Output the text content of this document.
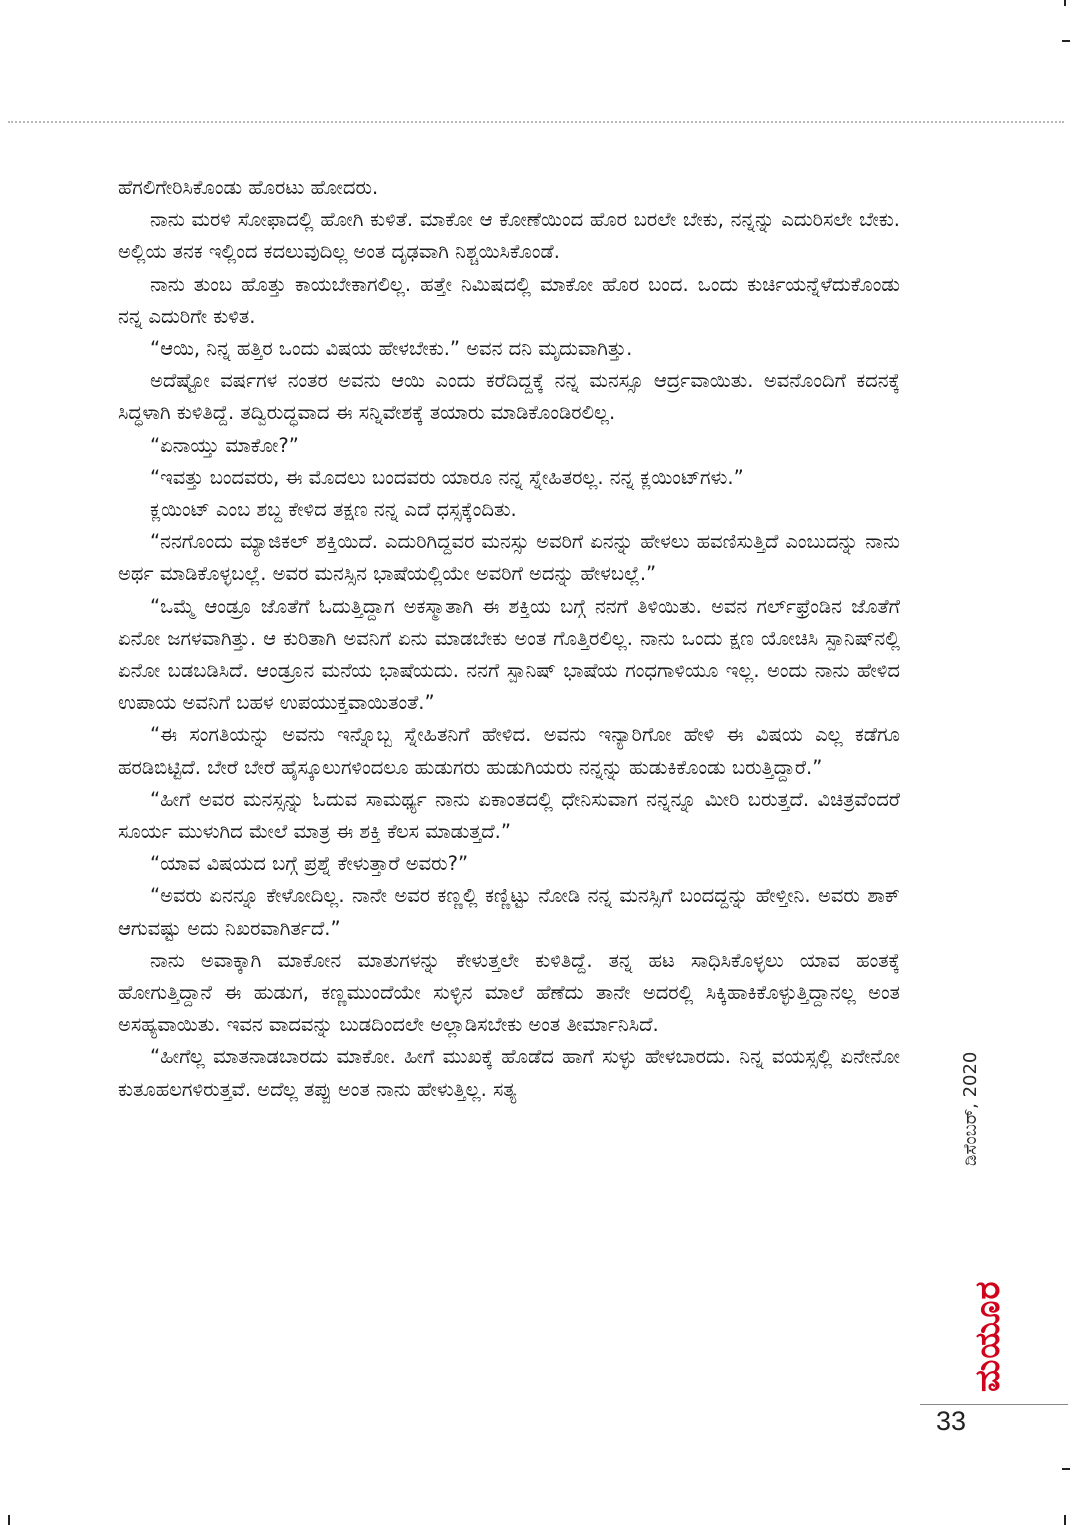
ಹೆಗಲಿಗೇರಿಸಿಕೊಂಡು ಹೊರಟು ಹೋದರು.

ನಾನು ಮರಳಿ ಸೋಫಾದಲ್ಲಿ ಹೋಗಿ ಕುಳಿತೆ. ಮಾಕೋ ಆ ಕೋಣೆಯಿಂದ ಹೊರ ಬರಲೇ ಬೇಕು, ನನ್ನನ್ನು ಎದುರಿಸಲೇ ಬೇಕು. ಅಲ್ಲಿಯ ತನಕ ಇಲ್ಲಿಂದ ಕದಲುವುದಿಲ್ಲ ಅಂತ ದೃಢವಾಗಿ ನಿಶ್ಚಯಿಸಿಕೊಂಡೆ.

ನಾನು ತುಂಬ ಹೊತ್ತು ಕಾಯಬೇಕಾಗಲಿಲ್ಲ. ಹತ್ತೇ ನಿಮಿಷದಲ್ಲಿ ಮಾಕೋ ಹೊರ ಬಂದ. ಒಂದು ಕುರ್ಚಿಯನ್ನೆಳೆದುಕೊಂಡು ನನ್ನ ಎದುರಿಗೇ ಕುಳಿತ.

“ಆಯಿ, ನಿನ್ನ ಹತ್ತಿರ ಒಂದು ವಿಷಯ ಹೇಳಬೇಕು.” ಅವನ ದನಿ ಮೃದುವಾಗಿತ್ತು.

ಅದೆಷ್ಟೋ ವರ್ಷಗಳ ನಂತರ ಅವನು ಆಯಿ ಎಂದು ಕರೆದಿದ್ದಕ್ಕೆ ನನ್ನ ಮನಸ್ಸೂ ಆರ್ದ್ರವಾಯಿತು. ಅವನೊಂದಿಗೆ ಕದನಕ್ಕೆ ಸಿದ್ಧಳಾಗಿ ಕುಳಿತಿದ್ದೆ. ತದ್ವಿರುದ್ಧವಾದ ಈ ಸನ್ನಿವೇಶಕ್ಕೆ ತಯಾರು ಮಾಡಿಕೊಂಡಿರಲಿಲ್ಲ.

“ಏನಾಯ್ತು ಮಾಕೋ?”

“ಇವತ್ತು ಬಂದವರು, ಈ ಮೊದಲು ಬಂದವರು ಯಾರೂ ನನ್ನ ಸ್ನೇಹಿತರಲ್ಲ. ನನ್ನ ಕ್ಲಯಿಂಟ್‌ಗಳು.”

ಕ್ಲಯಿಂಟ್ ಎಂಬ ಶಬ್ದ ಕೇಳಿದ ತಕ್ಷಣ ನನ್ನ ಎದೆ ಧಸ್ಸಕ್ಕೆಂದಿತು.

“ನನಗೊಂದು ಮ್ಯಾಜಿಕಲ್ ಶಕ್ತಿಯಿದೆ. ಎದುರಿಗಿದ್ದವರ ಮನಸ್ಸು ಅವರಿಗೆ ಏನನ್ನು ಹೇಳಲು ಹವಣಿಸುತ್ತಿದೆ ಎಂಬುದನ್ನು ನಾನು ಅರ್ಥ ಮಾಡಿಕೊಳ್ಳಬಲ್ಲೆ. ಅವರ ಮನಸ್ಸಿನ ಭಾಷೆಯಲ್ಲಿಯೇ ಅವರಿಗೆ ಅದನ್ನು ಹೇಳಬಲ್ಲೆ.”

“ಒಮ್ಮೆ ಆಂಡ್ರೂ ಜೊತೆಗೆ ಓದುತ್ತಿದ್ದಾಗ ಅಕಸ್ಮಾತಾಗಿ ಈ ಶಕ್ತಿಯ ಬಗ್ಗೆ ನನಗೆ ತಿಳಿಯಿತು. ಅವನ ಗರ್ಲ್‌ಫ್ರೆಂಡಿನ ಜೊತೆಗೆ ಏನೋ ಜಗಳವಾಗಿತ್ತು. ಆ ಕುರಿತಾಗಿ ಅವನಿಗೆ ಏನು ಮಾಡಬೇಕು ಅಂತ ಗೊತ್ತಿರಲಿಲ್ಲ. ನಾನು ಒಂದು ಕ್ಷಣ ಯೋಚಿಸಿ ಸ್ಪಾನಿಷ್‌ನಲ್ಲಿ ಏನೋ ಬಡಬಡಿಸಿದೆ. ಆಂಡ್ರೂನ ಮನೆಯ ಭಾಷೆಯದು. ನನಗೆ ಸ್ಪಾನಿಷ್ ಭಾಷೆಯ ಗಂಧಗಾಳಿಯೂ ಇಲ್ಲ. ಅಂದು ನಾನು ಹೇಳಿದ ಉಪಾಯ ಅವನಿಗೆ ಬಹಳ ಉಪಯುಕ್ತವಾಯಿತಂತೆ.”

“ಈ ಸಂಗತಿಯನ್ನು ಅವನು ಇನ್ನೊಬ್ಬ ಸ್ನೇಹಿತನಿಗೆ ಹೇಳಿದ. ಅವನು ಇನ್ಯಾರಿಗೋ ಹೇಳಿ ಈ ವಿಷಯ ಎಲ್ಲ ಕಡೆಗೂ ಹರಡಿಬಿಟ್ಟಿದೆ. ಬೇರೆ ಬೇರೆ ಹೈಸ್ಕೂಲುಗಳಿಂದಲೂ ಹುಡುಗರು ಹುಡುಗಿಯರು ನನ್ನನ್ನು ಹುಡುಕಿಕೊಂಡು ಬರುತ್ತಿದ್ದಾರೆ.”

“ಹೀಗೆ ಅವರ ಮನಸ್ಸನ್ನು ಓದುವ ಸಾಮರ್ಥ್ಯ ನಾನು ಏಕಾಂತದಲ್ಲಿ ಧೇನಿಸುವಾಗ ನನ್ನನ್ನೂ ಮೀರಿ ಬರುತ್ತದೆ. ವಿಚಿತ್ರವೆಂದರೆ ಸೂರ್ಯ ಮುಳುಗಿದ ಮೇಲೆ ಮಾತ್ರ ಈ ಶಕ್ತಿ ಕೆಲಸ ಮಾಡುತ್ತದೆ.”

“ಯಾವ ವಿಷಯದ ಬಗ್ಗೆ ಪ್ರಶ್ನೆ ಕೇಳುತ್ತಾರೆ ಅವರು?”

“ಅವರು ಏನನ್ನೂ ಕೇಳೋದಿಲ್ಲ. ನಾನೇ ಅವರ ಕಣ್ಣಲ್ಲಿ ಕಣ್ಣಿಟ್ಟು ನೋಡಿ ನನ್ನ ಮನಸ್ಸಿಗೆ ಬಂದದ್ದನ್ನು ಹೇಳ್ತೀನಿ. ಅವರು ಶಾಕ್ ಆಗುವಷ್ಟು ಅದು ನಿಖರವಾಗಿರ್ತದೆ.”

ನಾನು ಅವಾಕ್ಕಾಗಿ ಮಾಕೋನ ಮಾತುಗಳನ್ನು ಕೇಳುತ್ತಲೇ ಕುಳಿತಿದ್ದೆ. ತನ್ನ ಹಟ ಸಾಧಿಸಿಕೊಳ್ಳಲು ಯಾವ ಹಂತಕ್ಕೆ ಹೋಗುತ್ತಿದ್ದಾನೆ ಈ ಹುಡುಗ, ಕಣ್ಣಮುಂದೆಯೇ ಸುಳ್ಳಿನ ಮಾಲೆ ಹೆಣೆದು ತಾನೇ ಅದರಲ್ಲಿ ಸಿಕ್ಕಿಹಾಕಿಕೊಳ್ಳುತ್ತಿದ್ದಾನಲ್ಲ ಅಂತ ಅಸಹ್ಯವಾಯಿತು. ಇವನ ವಾದವನ್ನು ಬುಡದಿಂದಲೇ ಅಲ್ಲಾಡಿಸಬೇಕು ಅಂತ ತೀರ್ಮಾನಿಸಿದೆ.

“ಹೀಗೆಲ್ಲ ಮಾತನಾಡಬಾರದು ಮಾಕೋ. ಹೀಗೆ ಮುಖಕ್ಕೆ ಹೊಡೆದ ಹಾಗೆ ಸುಳ್ಳು ಹೇಳಬಾರದು. ನಿನ್ನ ವಯಸ್ಸಲ್ಲಿ ಏನೇನೋ ಕುತೂಹಲಗಳಿರುತ್ತವೆ. ಅದೆಲ್ಲ ತಪ್ಪು ಅಂತ ನಾನು ಹೇಳುತ್ತಿಲ್ಲ. ಸತ್ಯ	ಡಿಸೆಂಬರ್, 2020
ಮಯೂರ
33
